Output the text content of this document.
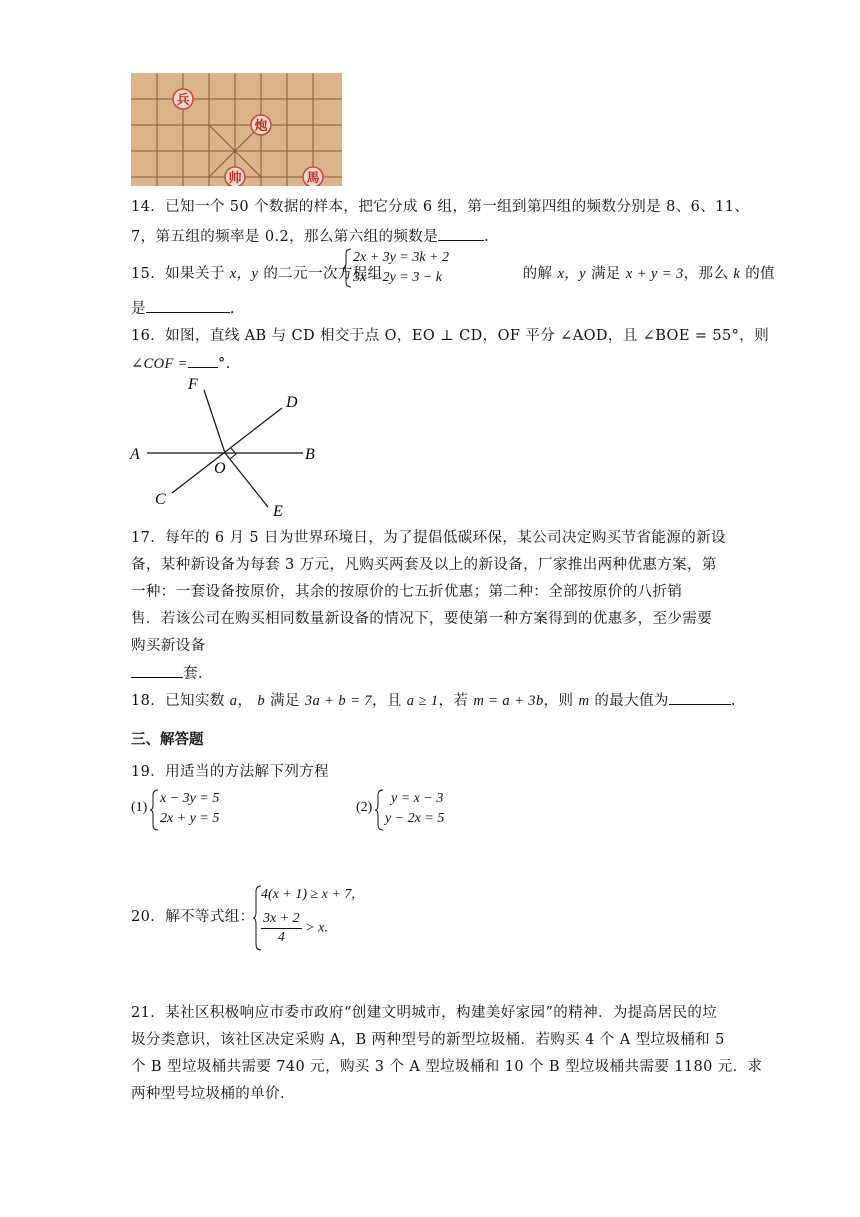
兵
炮
帅	馬
14．已知一个 50 个数据的样本，把它分成 6 组，第一组到第四组的频数分别是 8、6、11、
7，第五组的频率是 0.2，那么第六组的频数是	.
15．如果关于 x，y 的二元一次方程组	的解 x，y 满足 x + y = 3，那么 k 的值
2x + 3y = 3k + 2
3x + 2y = 3 − k
是	.
16．如图，直线 AB 与 CD 相交于点 O，EO ⊥ CD，OF 平分 ∠AOD，且 ∠BOE = 55°，则
∠COF = °．
A	B
C
D
E
F
O
17．每年的 6 月 5 日为世界环境日，为了提倡低碳环保，某公司决定购买节省能源的新设
备，某种新设备为每套 3 万元，凡购买两套及以上的新设备，厂家推出两种优惠方案，第
一种：一套设备按原价，其余的按原价的七五折优惠；第二种：全部按原价的八折销
售．若该公司在购买相同数量新设备的情况下，要使第一种方案得到的优惠多，至少需要
购买新设备
套.
18．已知实数 a， b 满足 3a + b = 7，且 a ≥ 1，若 m = a + 3b，则 m 的最大值为	.
三、解答题
19．用适当的方法解下列方程
(1)
x − 3y = 5
2x + y = 5
(2)
y = x − 3
y − 2x = 5
20．解不等式组：
4(x + 1) ≥ x + 7,
$\frac{3x + 2}{4} > x$.
21．某社区积极响应市委市政府“创建文明城市，构建美好家园”的精神．为提高居民的垃
圾分类意识，该社区决定采购 A，B 两种型号的新型垃圾桶．若购买 4 个 A 型垃圾桶和 5
个 B 型垃圾桶共需要 740 元，购买 3 个 A 型垃圾桶和 10 个 B 型垃圾桶共需要 1180 元．求
两种型号垃圾桶的单价.
